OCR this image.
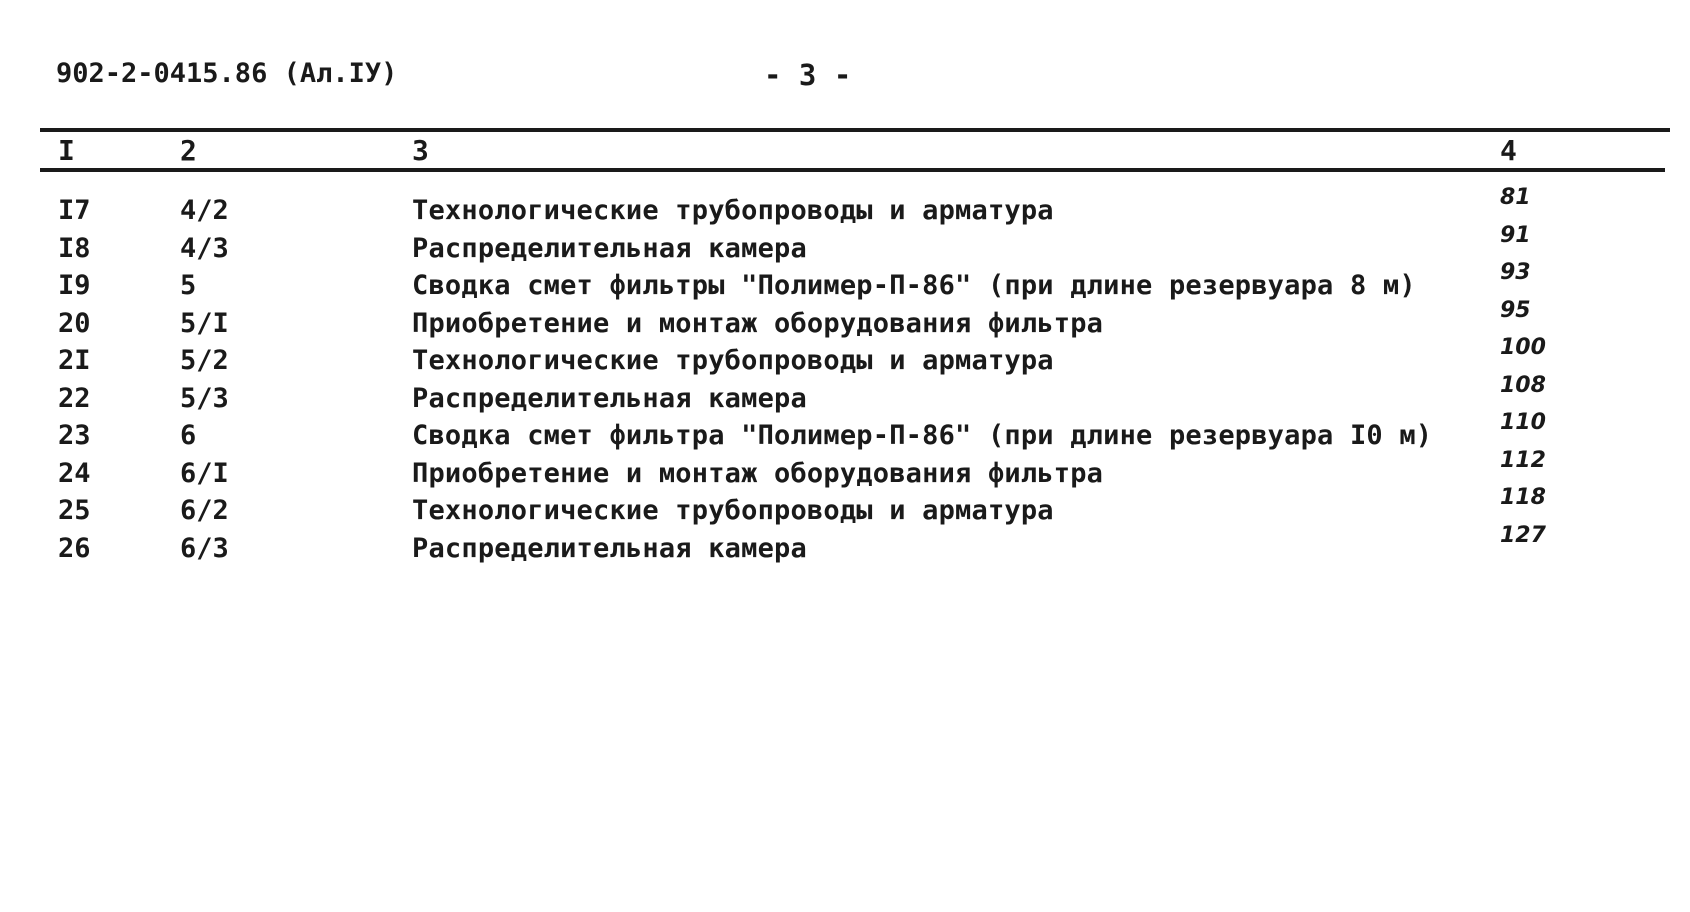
902-2-0415.86 (Ал.IУ)	- 3 -
I	2	3	4
I7	4/2	Технологические трубопроводы и арматура	81
I8	4/3	Распределительная камера	91
I9	5	Сводка смет фильтры "Полимер-П-86" (при длине резервуара 8 м)	93
20	5/I	Приобретение и монтаж оборудования фильтра	95
2I	5/2	Технологические трубопроводы и арматура	100
22	5/3	Распределительная камера	108
23	6	Сводка смет фильтра "Полимер-П-86" (при длине резервуара I0 м)	110
24	6/I	Приобретение и монтаж оборудования фильтра	112
25	6/2	Технологические трубопроводы и арматура	118
26	6/3	Распределительная камера	127
